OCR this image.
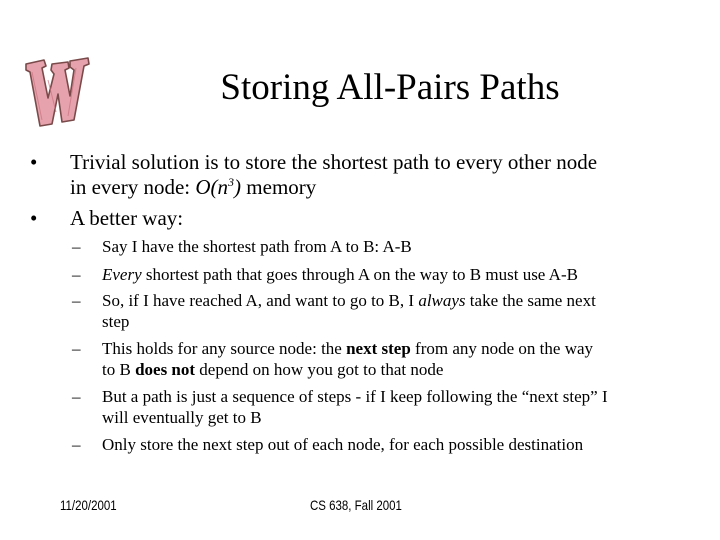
Storing All-Pairs Paths
• Trivial solution is to store the shortest path to every other node
in every node: $O(n^3)$ memory
• A better way:
– Say I have the shortest path from A to B: A-B
– Every shortest path that goes through A on the way to B must use A-B
– So, if I have reached A, and want to go to B, I always take the same next
step
– This holds for any source node: the next step from any node on the way
to B does not depend on how you got to that node
– But a path is just a sequence of steps - if I keep following the “next step” I
will eventually get to B
– Only store the next step out of each node, for each possible destination
11/20/2001	CS 638, Fall 2001
